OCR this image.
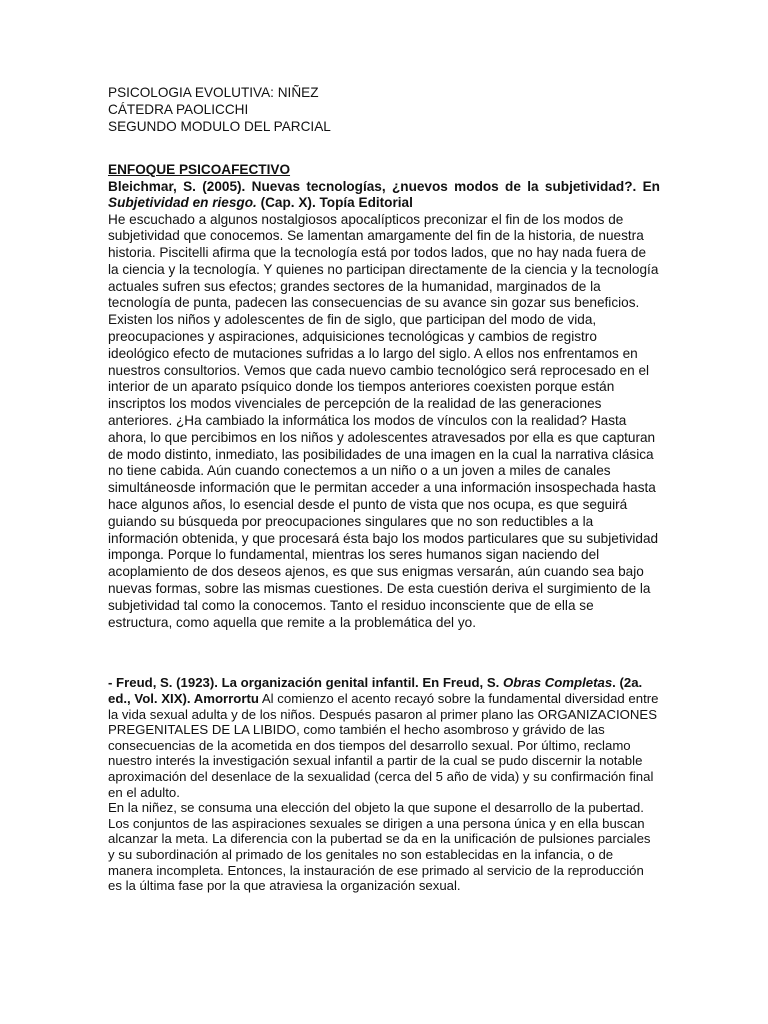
PSICOLOGIA EVOLUTIVA: NIÑEZ

CÁTEDRA PAOLICCHI

SEGUNDO MODULO DEL PARCIAL

ENFOQUE PSICOAFECTIVO

Bleichmar, S. (2005). Nuevas tecnologías, ¿nuevos modos de la subjetividad?. En Subjetividad en riesgo. (Cap. X). Topía Editorial

He escuchado a algunos nostalgiosos apocalípticos preconizar el fin de los modos de subjetividad que conocemos. Se lamentan amargamente del fin de la historia, de nuestra historia. Piscitelli afirma que la tecnología está por todos lados, que no hay nada fuera de la ciencia y la tecnología. Y quienes no participan directamente de la ciencia y la tecnología actuales sufren sus efectos; grandes sectores de la humanidad, marginados de la tecnología de punta, padecen las consecuencias de su avance sin gozar sus beneficios. Existen los niños y adolescentes de fin de siglo, que participan del modo de vida, preocupaciones y aspiraciones, adquisiciones tecnológicas y cambios de registro ideológico efecto de mutaciones sufridas a lo largo del siglo. A ellos nos enfrentamos en nuestros consultorios. Vemos que cada nuevo cambio tecnológico será reprocesado en el interior de un aparato psíquico donde los tiempos anteriores coexisten porque están inscriptos los modos vivenciales de percepción de la realidad de las generaciones anteriores. ¿Ha cambiado la informática los modos de vínculos con la realidad? Hasta ahora, lo que percibimos en los niños y adolescentes atravesados por ella es que capturan de modo distinto, inmediato, las posibilidades de una imagen en la cual la narrativa clásica no tiene cabida. Aún cuando conectemos a un niño o a un joven a miles de canales simultáneosde información que le permitan acceder a una información insospechada hasta hace algunos años, lo esencial desde el punto de vista que nos ocupa, es que seguirá guiando su búsqueda por preocupaciones singulares que no son reductibles a la información obtenida, y que procesará ésta bajo los modos particulares que su subjetividad imponga. Porque lo fundamental, mientras los seres humanos sigan naciendo del acoplamiento de dos deseos ajenos, es que sus enigmas versarán, aún cuando sea bajo nuevas formas, sobre las mismas cuestiones. De esta cuestión deriva el surgimiento de la subjetividad tal como la conocemos. Tanto el residuo inconsciente que de ella se estructura, como aquella que remite a la problemática del yo.

- Freud, S. (1923). La organización genital infantil. En Freud, S. Obras Completas. (2a. ed., Vol. XIX). Amorrortu Al comienzo el acento recayó sobre la fundamental diversidad entre la vida sexual adulta y de los niños. Después pasaron al primer plano las ORGANIZACIONES PREGENITALES DE LA LIBIDO, como también el hecho asombroso y grávido de las consecuencias de la acometida en dos tiempos del desarrollo sexual. Por último, reclamo nuestro interés la investigación sexual infantil a partir de la cual se pudo discernir la notable aproximación del desenlace de la sexualidad (cerca del 5 año de vida) y su confirmación final en el adulto.

En la niñez, se consuma una elección del objeto la que supone el desarrollo de la pubertad. Los conjuntos de las aspiraciones sexuales se dirigen a una persona única y en ella buscan alcanzar la meta. La diferencia con la pubertad se da en la unificación de pulsiones parciales y su subordinación al primado de los genitales no son establecidas en la infancia, o de manera incompleta. Entonces, la instauración de ese primado al servicio de la reproducción es la última fase por la que atraviesa la organización sexual.
